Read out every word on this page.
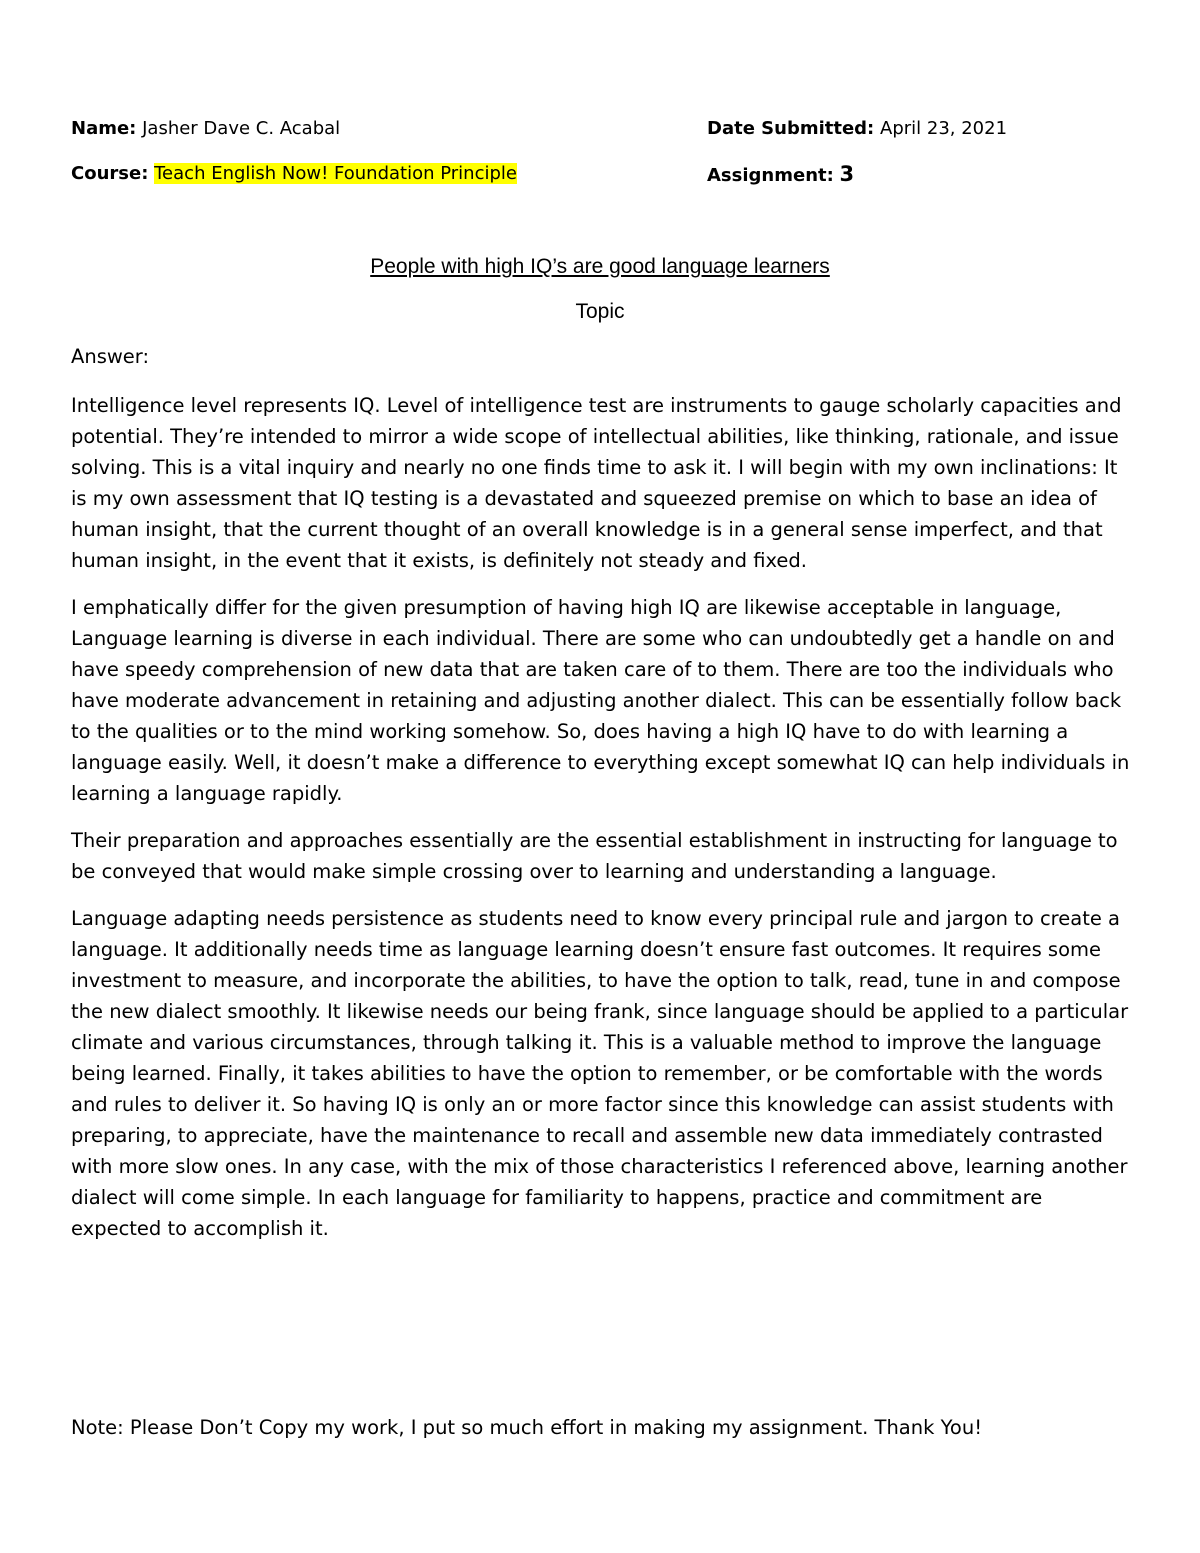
Name: Jasher Dave C. Acabal	Date Submitted: April 23, 2021
Course: Teach English Now! Foundation Principle	Assignment: 3
People with high IQ’s are good language learners
Topic
Answer:

Intelligence level represents IQ. Level of intelligence test are instruments to gauge scholarly capacities and potential. They’re intended to mirror a wide scope of intellectual abilities, like thinking, rationale, and issue solving. This is a vital inquiry and nearly no one finds time to ask it. I will begin with my own inclinations: It is my own assessment that IQ testing is a devastated and squeezed premise on which to base an idea of human insight, that the current thought of an overall knowledge is in a general sense imperfect, and that human insight, in the event that it exists, is definitely not steady and fixed.

I emphatically differ for the given presumption of having high IQ are likewise acceptable in language, Language learning is diverse in each individual. There are some who can undoubtedly get a handle on and have speedy comprehension of new data that are taken care of to them. There are too the individuals who have moderate advancement in retaining and adjusting another dialect. This can be essentially follow back to the qualities or to the mind working somehow. So, does having a high IQ have to do with learning a language easily. Well, it doesn’t make a difference to everything except somewhat IQ can help individuals in learning a language rapidly.

Their preparation and approaches essentially are the essential establishment in instructing for language to be conveyed that would make simple crossing over to learning and understanding a language.

Language adapting needs persistence as students need to know every principal rule and jargon to create a language. It additionally needs time as language learning doesn’t ensure fast outcomes. It requires some investment to measure, and incorporate the abilities, to have the option to talk, read, tune in and compose the new dialect smoothly. It likewise needs our being frank, since language should be applied to a particular climate and various circumstances, through talking it. This is a valuable method to improve the language being learned. Finally, it takes abilities to have the option to remember, or be comfortable with the words and rules to deliver it. So having IQ is only an or more factor since this knowledge can assist students with preparing, to appreciate, have the maintenance to recall and assemble new data immediately contrasted with more slow ones. In any case, with the mix of those characteristics I referenced above, learning another dialect will come simple. In each language for familiarity to happens, practice and commitment are expected to accomplish it.

Note: Please Don’t Copy my work, I put so much effort in making my assignment. Thank You!
